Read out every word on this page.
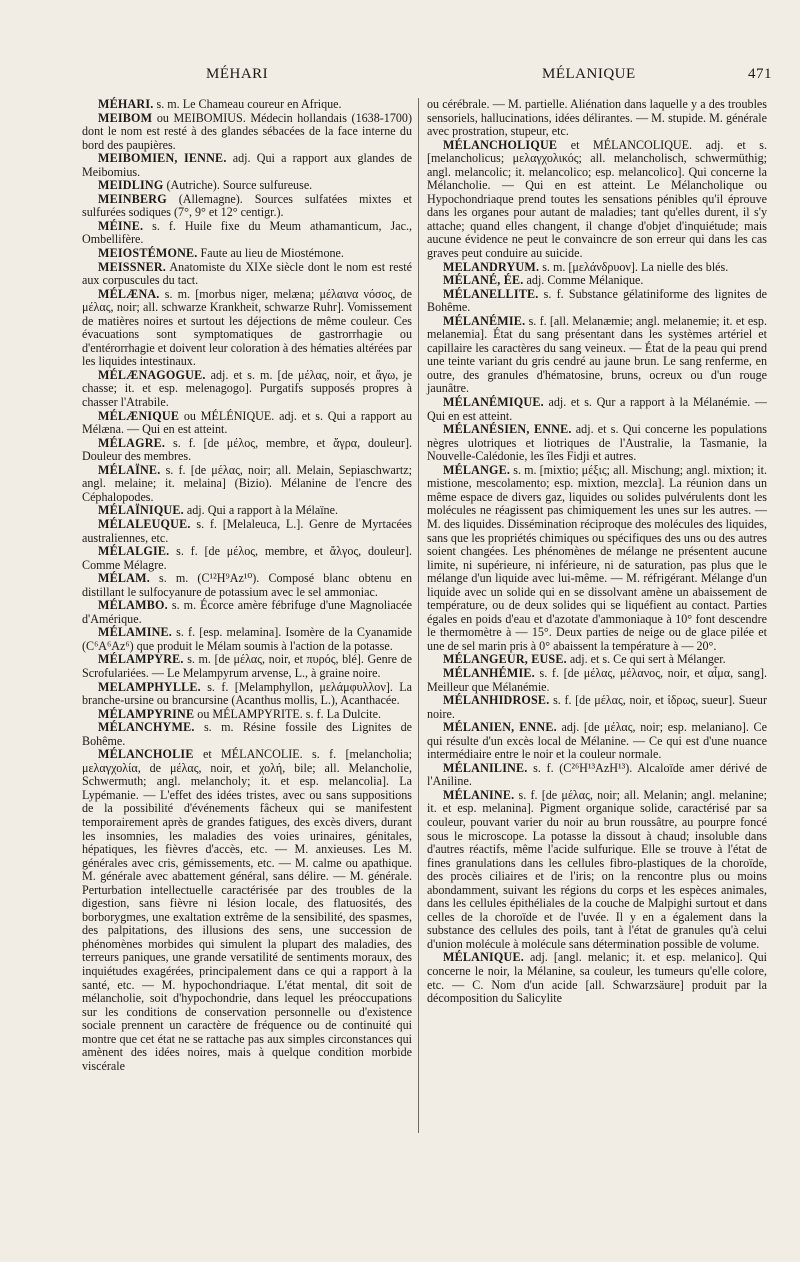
MÉHARI	MÉLANIQUE	471

MÉHARI. s. m. Le Chameau coureur en Afrique.

MEIBOM ou MEIBOMIUS. Médecin hollandais (1638-1700) dont le nom est resté à des glandes sébacées de la face interne du bord des paupières.

MEIBOMIEN, IENNE. adj. Qui a rapport aux glandes de Meibomius.

MEIDLING (Autriche). Source sulfureuse.

MEINBERG (Allemagne). Sources sulfatées mixtes et sulfurées sodiques (7°, 9° et 12° centigr.).

MÉINE. s. f. Huile fixe du Meum athamanticum, Jac., Ombellifère.

MEIOSTÉMONE. Faute au lieu de Miostémone.

MEISSNER. Anatomiste du XIXe siècle dont le nom est resté aux corpuscules du tact.

MÉLÆNA. s. m. [morbus niger, melæna; μέλαινα νόσος, de μέλας, noir; all. schwarze Krankheit, schwarze Ruhr]. Vomissement de matières noires et surtout les déjections de même couleur. Ces évacuations sont symptomatiques de gastrorrhagie ou d'entérorrhagie et doivent leur coloration à des hématies altérées par les liquides intestinaux.

MÉLÆNAGOGUE. adj. et s. m. [de μέλας, noir, et ἄγω, je chasse; it. et esp. melenagogo]. Purgatifs supposés propres à chasser l'Atrabile.

MÉLÆNIQUE ou MÉLÉNIQUE. adj. et s. Qui a rapport au Mélæna. — Qui en est atteint.

MÉLAGRE. s. f. [de μέλος, membre, et ἄγρα, douleur]. Douleur des membres.

MÉLAÏNE. s. f. [de μέλας, noir; all. Melain, Sepiaschwartz; angl. melaine; it. melaina] (Bizio). Mélanine de l'encre des Céphalopodes.

MÉLAÏNIQUE. adj. Qui a rapport à la Mélaïne.

MÉLALEUQUE. s. f. [Melaleuca, L.]. Genre de Myrtacées australiennes, etc.

MÉLALGIE. s. f. [de μέλος, membre, et ἄλγος, douleur]. Comme Mélagre.

MÉLAM. s. m. (C¹²H⁹Az¹⁰). Composé blanc obtenu en distillant le sulfocyanure de potassium avec le sel ammoniac.

MÉLAMBO. s. m. Écorce amère fébrifuge d'une Magnoliacée d'Amérique.

MÉLAMINE. s. f. [esp. melamina]. Isomère de la Cyanamide (C⁶A⁶Az⁶) que produit le Mélam soumis à l'action de la potasse.

MÉLAMPYRE. s. m. [de μέλας, noir, et πυρός, blé]. Genre de Scrofulariées. — Le Melampyrum arvense, L., à graine noire.

MELAMPHYLLE. s. f. [Melamphyllon, μελάμφυλλον]. La branche-ursine ou brancursine (Acanthus mollis, L.), Acanthacée.

MÉLAMPYRINE ou MÉLAMPYRITE. s. f. La Dulcite.

MÉLANCHYME. s. m. Résine fossile des Lignites de Bohême.

MÉLANCHOLIE et MÉLANCOLIE. s. f. [melancholia; μελαγχολία, de μέλας, noir, et χολή, bile; all. Melancholie, Schwermuth; angl. melancholy; it. et esp. melancolia]. La Lypémanie. — L'effet des idées tristes, avec ou sans suppositions de la possibilité d'événements fâcheux qui se manifestent temporairement après de grandes fatigues, des excès divers, durant les insomnies, les maladies des voies urinaires, génitales, hépatiques, les fièvres d'accès, etc. — M. anxieuses. Les M. générales avec cris, gémissements, etc. — M. calme ou apathique. M. générale avec abattement général, sans délire. — M. générale. Perturbation intellectuelle caractérisée par des troubles de la digestion, sans fièvre ni lésion locale, des flatuosités, des borborygmes, une exaltation extrême de la sensibilité, des spasmes, des palpitations, des illusions des sens, une succession de phénomènes morbides qui simulent la plupart des maladies, des terreurs paniques, une grande versatilité de sentiments moraux, des inquiétudes exagérées, principalement dans ce qui a rapport à la santé, etc. — M. hypochondriaque. L'état mental, dit soit de mélancholie, soit d'hypochondrie, dans lequel les préoccupations sur les conditions de conservation personnelle ou d'existence sociale prennent un caractère de fréquence ou de continuité qui montre que cet état ne se rattache pas aux simples circonstances qui amènent des idées noires, mais à quelque condition morbide viscérale

ou cérébrale. — M. partielle. Aliénation dans laquelle y a des troubles sensoriels, hallucinations, idées délirantes. — M. stupide. M. générale avec prostration, stupeur, etc.

MÉLANCHOLIQUE et MÉLANCOLIQUE. adj. et s. [melancholicus; μελαγχολικός; all. melancholisch, schwermüthig; angl. melancolic; it. melancolico; esp. melancolico]. Qui concerne la Mélancholie. — Qui en est atteint. Le Mélancholique ou Hypochondriaque prend toutes les sensations pénibles qu'il éprouve dans les organes pour autant de maladies; tant qu'elles durent, il s'y attache; quand elles changent, il change d'objet d'inquiétude; mais aucune évidence ne peut le convaincre de son erreur qui dans les cas graves peut conduire au suicide.

MELANDRYUM. s. m. [μελάνδρυον]. La nielle des blés.

MÉLANÉ, ÉE. adj. Comme Mélanique.

MÉLANELLITE. s. f. Substance gélatiniforme des lignites de Bohême.

MÉLANÉMIE. s. f. [all. Melanæmie; angl. melanemie; it. et esp. melanemia]. État du sang présentant dans les systèmes artériel et capillaire les caractères du sang veineux. — État de la peau qui prend une teinte variant du gris cendré au jaune brun. Le sang renferme, en outre, des granules d'hématosine, bruns, ocreux ou d'un rouge jaunâtre.

MÉLANÉMIQUE. adj. et s. Qur a rapport à la Mélanémie. — Qui en est atteint.

MÉLANÉSIEN, ENNE. adj. et s. Qui concerne les populations nègres ulotriques et liotriques de l'Australie, la Tasmanie, la Nouvelle-Calédonie, les îles Fidji et autres.

MÉLANGE. s. m. [mixtio; μέξις; all. Mischung; angl. mixtion; it. mistione, mescolamento; esp. mixtion, mezcla]. La réunion dans un même espace de divers gaz, liquides ou solides pulvérulents dont les molécules ne réagissent pas chimiquement les unes sur les autres. — M. des liquides. Dissémination réciproque des molécules des liquides, sans que les propriétés chimiques ou spécifiques des uns ou des autres soient changées. Les phénomènes de mélange ne présentent aucune limite, ni supérieure, ni inférieure, ni de saturation, pas plus que le mélange d'un liquide avec lui-même. — M. réfrigérant. Mélange d'un liquide avec un solide qui en se dissolvant amène un abaissement de température, ou de deux solides qui se liquéfient au contact. Parties égales en poids d'eau et d'azotate d'ammoniaque à 10° font descendre le thermomètre à — 15°. Deux parties de neige ou de glace pilée et une de sel marin pris à 0° abaissent la température à — 20°.

MÉLANGEUR, EUSE. adj. et s. Ce qui sert à Mélanger.

MÉLANHÉMIE. s. f. [de μέλας, μέλανος, noir, et αἷμα, sang]. Meilleur que Mélanémie.

MÉLANHIDROSE. s. f. [de μέλας, noir, et ἱδρως, sueur]. Sueur noire.

MÉLANIEN, ENNE. adj. [de μέλας, noir; esp. melaniano]. Ce qui résulte d'un excès local de Mélanine. — Ce qui est d'une nuance intermédiaire entre le noir et la couleur normale.

MÉLANILINE. s. f. (C²⁶H¹³AzH¹³). Alcaloïde amer dérivé de l'Aniline.

MÉLANINE. s. f. [de μέλας, noir; all. Melanin; angl. melanine; it. et esp. melanina]. Pigment organique solide, caractérisé par sa couleur, pouvant varier du noir au brun roussâtre, au pourpre foncé sous le microscope. La potasse la dissout à chaud; insoluble dans d'autres réactifs, même l'acide sulfurique. Elle se trouve à l'état de fines granulations dans les cellules fibro-plastiques de la choroïde, des procès ciliaires et de l'iris; on la rencontre plus ou moins abondamment, suivant les régions du corps et les espèces animales, dans les cellules épithéliales de la couche de Malpighi surtout et dans celles de la choroïde et de l'uvée. Il y en a également dans la substance des cellules des poils, tant à l'état de granules qu'à celui d'union molécule à molécule sans détermination possible de volume.

MÉLANIQUE. adj. [angl. melanic; it. et esp. melanico]. Qui concerne le noir, la Mélanine, sa couleur, les tumeurs qu'elle colore, etc. — C. Nom d'un acide [all. Schwarzsäure] produit par la décomposition du Salicylite
